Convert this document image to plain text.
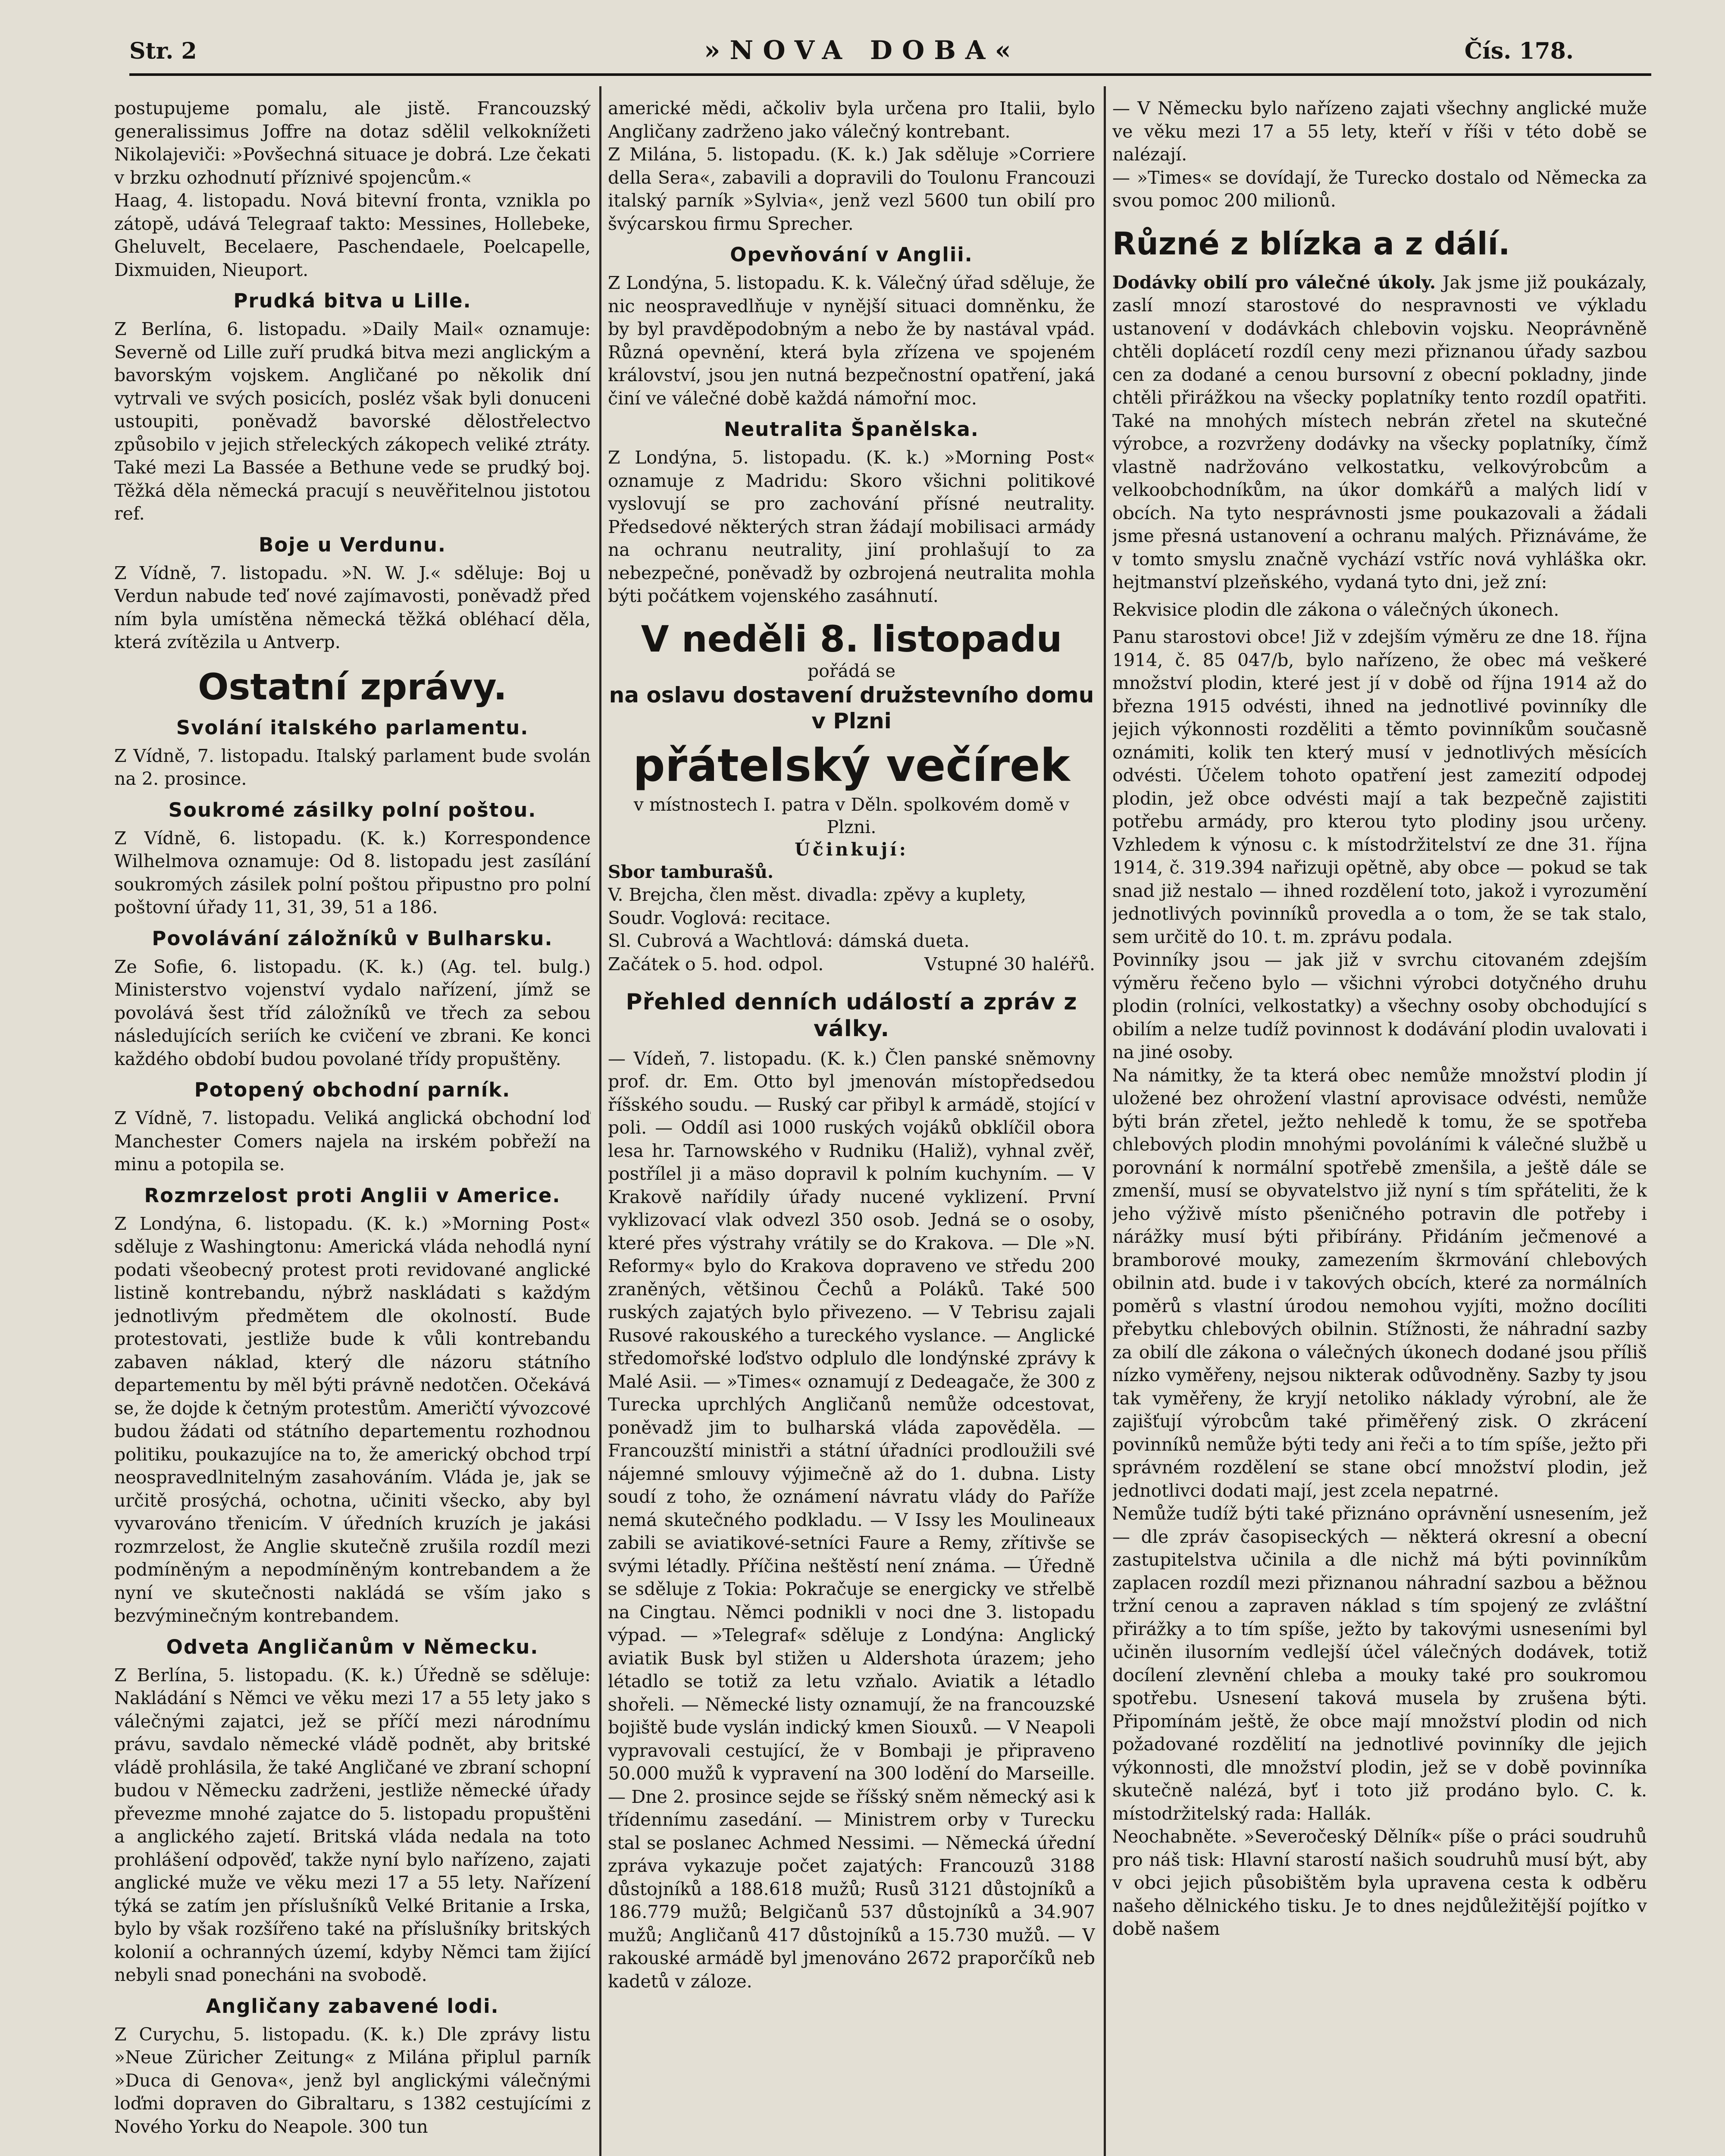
Str. 2	»NOVA DOBA«	Čís. 178.

postupujeme pomalu, ale jistě. Francouzský generalissimus Joffre na dotaz sdělil velkoknížeti Nikolajeviči: »Povšechná situace je dobrá. Lze čekati v brzku ozhodnutí příznivé spojencům.«

Haag, 4. listopadu. Nová bitevní fronta, vznikla po zátopě, udává Telegraaf takto: Messines, Hollebeke, Gheluvelt, Becelaere, Paschendaele, Poelcapelle, Dixmuiden, Nieuport.

Prudká bitva u Lille.

Z Berlína, 6. listopadu. »Daily Mail« oznamuje: Severně od Lille zuří prudká bitva mezi anglickým a bavorským vojskem. Angličané po několik dní vytrvali ve svých posicích, posléz však byli donuceni ustoupiti, poněvadž bavorské dělostřelectvo způsobilo v jejich střeleckých zákopech veliké ztráty. Také mezi La Bassée a Bethune vede se prudký boj. Těžká děla německá pracují s neuvěřitelnou jistotou ref.

Boje u Verdunu.

Z Vídně, 7. listopadu. »N. W. J.« sděluje: Boj u Verdun nabude teď nové zajímavosti, poněvadž před ním byla umístěna německá těžká obléhací děla, která zvítězila u Antverp.

Ostatní zprávy.
Svolání italského parlamentu.

Z Vídně, 7. listopadu. Italský parlament bude svolán na 2. prosince.

Soukromé zásilky polní poštou.

Z Vídně, 6. listopadu. (K. k.) Korrespondence Wilhelmova oznamuje: Od 8. listopadu jest zasílání soukromých zásilek polní poštou připustno pro polní poštovní úřady 11, 31, 39, 51 a 186.

Povolávání záložníků v Bulharsku.

Ze Sofie, 6. listopadu. (K. k.) (Ag. tel. bulg.) Ministerstvo vojenství vydalo nařízení, jímž se povolává šest tříd záložníků ve třech za sebou následujících seriích ke cvičení ve zbrani. Ke konci každého období budou povolané třídy propuštěny.

Potopený obchodní parník.

Z Vídně, 7. listopadu. Veliká anglická obchodní loď Manchester Comers najela na irském pobřeží na minu a potopila se.

Rozmrzelost proti Anglii v Americe.

Z Londýna, 6. listopadu. (K. k.) »Morning Post« sděluje z Washingtonu: Americká vláda nehodlá nyní podati všeobecný protest proti revidované anglické listině kontrebandu, nýbrž naskládati s každým jednotlivým předmětem dle okolností. Bude protestovati, jestliže bude k vůli kontrebandu zabaven náklad, který dle názoru státního departementu by měl býti právně nedotčen. Očekává se, že dojde k četným protestům. Američtí vývozcové budou žádati od státního departementu rozhodnou politiku, poukazujíce na to, že americký obchod trpí neospravedlnitelným zasahováním. Vláda je, jak se určitě prosýchá, ochotna, učiniti všecko, aby byl vyvarováno třenicím. V úředních kruzích je jakási rozmrzelost, že Anglie skutečně zrušila rozdíl mezi podmíněným a nepodmíněným kontrebandem a že nyní ve skutečnosti nakládá se vším jako s bezvýminečným kontrebandem.

Odveta Angličanům v Německu.

Z Berlína, 5. listopadu. (K. k.) Úředně se sděluje: Nakládání s Němci ve věku mezi 17 a 55 lety jako s válečnými zajatci, jež se příčí mezi národnímu právu, savdalo německé vládě podnět, aby britské vládě prohlásila, že také Angličané ve zbraní schopní budou v Německu zadrženi, jestliže německé úřady převezme mnohé zajatce do 5. listopadu propuštěni a anglického zajetí. Britská vláda nedala na toto prohlášení odpověď, takže nyní bylo nařízeno, zajati anglické muže ve věku mezi 17 a 55 lety. Nařízení týká se zatím jen příslušníků Velké Britanie a Irska, bylo by však rozšířeno také na příslušníky britských kolonií a ochranných území, kdyby Němci tam žijící nebyli snad ponecháni na svobodě.

Angličany zabavené lodi.

Z Curychu, 5. listopadu. (K. k.) Dle zprávy listu »Neue Züricher Zeitung« z Milána připlul parník »Duca di Genova«, jenž byl anglickými válečnými loďmi dopraven do Gibraltaru, s 1382 cestujícími z Nového Yorku do Neapole. 300 tun

americké mědi, ačkoliv byla určena pro Italii, bylo Angličany zadrženo jako válečný kontrebant.

Z Milána, 5. listopadu. (K. k.) Jak sděluje »Corriere della Sera«, zabavili a dopravili do Toulonu Francouzi italský parník »Sylvia«, jenž vezl 5600 tun obilí pro švýcarskou firmu Sprecher.

Opevňování v Anglii.

Z Londýna, 5. listopadu. K. k. Válečný úřad sděluje, že nic neospravedlňuje v nynější situaci domněnku, že by byl pravděpodobným a nebo že by nastával vpád. Různá opevnění, která byla zřízena ve spojeném království, jsou jen nutná bezpečnostní opatření, jaká činí ve válečné době každá námořní moc.

Neutralita Španělska.

Z Londýna, 5. listopadu. (K. k.) »Morning Post« oznamuje z Madridu: Skoro všichni politikové vyslovují se pro zachování přísné neutrality. Předsedové některých stran žádají mobilisaci armády na ochranu neutrality, jiní prohlašují to za nebezpečné, poněvadž by ozbrojená neutralita mohla býti počátkem vojenského zasáhnutí.

V neděli 8. listopadu

pořádá se

na oslavu dostavení družstevního domu v Plzni
přátelský večírek

v místnostech I. patra v Děln. spolkovém domě v Plzni.

Účinkují:

Sbor tamburašů.

V. Brejcha, člen měst. divadla: zpěvy a kuplety,

Soudr. Voglová: recitace.

Sl. Cubrová a Wachtlová: dámská dueta.

Začátek o 5. hod. odpol.	Vstupné 30 haléřů.
Přehled denních událostí a zpráv z války.

— Vídeň, 7. listopadu. (K. k.) Člen panské sněmovny prof. dr. Em. Otto byl jmenován místopředsedou říšského soudu. — Ruský car přibyl k armádě, stojící v poli. — Oddíl asi 1000 ruských vojáků obklíčil obora lesa hr. Tarnowského v Rudniku (Haliž), vyhnal zvěř, postřílel ji a mäso dopravil k polním kuchyním. — V Krakově nařídily úřady nucené vyklizení. První vyklizovací vlak odvezl 350 osob. Jedná se o osoby, které přes výstrahy vrátily se do Krakova. — Dle »N. Reformy« bylo do Krakova dopraveno ve středu 200 zraněných, většinou Čechů a Poláků. Také 500 ruských zajatých bylo přivezeno. — V Tebrisu zajali Rusové rakouského a tureckého vyslance. — Anglické středomořské loďstvo odplulo dle londýnské zprávy k Malé Asii. — »Times« oznamují z Dedeagače, že 300 z Turecka uprchlých Angličanů nemůže odcestovat, poněvadž jim to bulharská vláda zapověděla. — Francouzští ministři a státní úřadníci prodloužili své nájemné smlouvy výjimečně až do 1. dubna. Listy soudí z toho, že oznámení návratu vlády do Paříže nemá skutečného podkladu. — V Issy les Moulineaux zabili se aviatikové-setníci Faure a Remy, zřítivše se svými létadly. Příčina neštěstí není známa. — Úředně se sděluje z Tokia: Pokračuje se energicky ve střelbě na Cingtau. Němci podnikli v noci dne 3. listopadu výpad. — »Telegraf« sděluje z Londýna: Anglický aviatik Busk byl stižen u Aldershota úrazem; jeho létadlo se totiž za letu vzňalo. Aviatik a létadlo shořeli. — Německé listy oznamují, že na francouzské bojiště bude vyslán indický kmen Siouxů. — V Neapoli vypravovali cestující, že v Bombaji je připraveno 50.000 mužů k vypravení na 300 lodění do Marseille. — Dne 2. prosince sejde se říšský sněm německý asi k třídennímu zasedání. — Ministrem orby v Turecku stal se poslanec Achmed Nessimi. — Německá úřední zpráva vykazuje počet zajatých: Francouzů 3188 důstojníků a 188.618 mužů; Rusů 3121 důstojníků a 186.779 mužů; Belgičanů 537 důstojníků a 34.907 mužů; Angličanů 417 důstojníků a 15.730 mužů. — V rakouské armádě byl jmenováno 2672 praporčíků neb kadetů v záloze.

— V Německu bylo nařízeno zajati všechny anglické muže ve věku mezi 17 a 55 lety, kteří v říši v této době se nalézají.

— »Times« se dovídají, že Turecko dostalo od Německa za svou pomoc 200 milionů.

Různé z blízka a z dálí.

Dodávky obilí pro válečné úkoly. Jak jsme již poukázaly, zaslí mnozí starostové do nespravnosti ve výkladu ustanovení v dodávkách chlebovin vojsku. Neoprávněně chtěli doplácetí rozdíl ceny mezi přiznanou úřady sazbou cen za dodané a cenou bursovní z obecní pokladny, jinde chtěli přirážkou na všecky poplatníky tento rozdíl opatřiti. Také na mnohých místech nebrán zřetel na skutečné výrobce, a rozvrženy dodávky na všecky poplatníky, čímž vlastně nadržováno velkostatku, velkovýrobcům a velkoobchodníkům, na úkor domkářů a malých lidí v obcích. Na tyto nesprávnosti jsme poukazovali a žádali jsme přesná ustanovení a ochranu malých. Přiznáváme, že v tomto smyslu značně vychází vstříc nová vyhláška okr. hejtmanství plzeňského, vydaná tyto dni, jež zní:

Rekvisice plodin dle zákona o válečných úkonech.

Panu starostovi obce! Již v zdejším výměru ze dne 18. října 1914, č. 85 047/b, bylo nařízeno, že obec má veškeré množství plodin, které jest jí v době od října 1914 až do března 1915 odvésti, ihned na jednotlivé povinníky dle jejich výkonnosti rozděliti a těmto povinníkům současně oznámiti, kolik ten který musí v jednotlivých měsících odvésti. Účelem tohoto opatření jest zamezití odpodej plodin, jež obce odvésti mají a tak bezpečně zajistiti potřebu armády, pro kterou tyto plodiny jsou určeny. Vzhledem k výnosu c. k místodržitelství ze dne 31. října 1914, č. 319.394 nařizuji opětně, aby obce — pokud se tak snad již nestalo — ihned rozdělení toto, jakož i vyrozumění jednotlivých povinníků provedla a o tom, že se tak stalo, sem určitě do 10. t. m. zprávu podala.

Povinníky jsou — jak již v svrchu citovaném zdejším výměru řečeno bylo — všichni výrobci dotyčného druhu plodin (rolníci, velkostatky) a všechny osoby obchodující s obilím a nelze tudíž povinnost k dodávání plodin uvalovati i na jiné osoby.

Na námitky, že ta která obec nemůže množství plodin jí uložené bez ohrožení vlastní aprovisace odvésti, nemůže býti brán zřetel, ježto nehledě k tomu, že se spotřeba chlebových plodin mnohými povoláními k válečné službě u porovnání k normální spotřebě zmenšila, a ještě dále se zmenší, musí se obyvatelstvo již nyní s tím spřáteliti, že k jeho výživě místo pšeničného potravin dle potřeby i nárážky musí býti přibírány. Přidáním ječmenové a bramborové mouky, zamezením škrmování chlebových obilnin atd. bude i v takových obcích, které za normálních poměrů s vlastní úrodou nemohou vyjíti, možno docíliti přebytku chlebových obilnin. Stížnosti, že náhradní sazby za obilí dle zákona o válečných úkonech dodané jsou příliš nízko vyměřeny, nejsou nikterak odůvodněny. Sazby ty jsou tak vyměřeny, že kryjí netoliko náklady výrobní, ale že zajišťují výrobcům také přiměřený zisk. O zkrácení povinníků nemůže býti tedy ani řeči a to tím spíše, ježto při správném rozdělení se stane obcí množství plodin, jež jednotlivci dodati mají, jest zcela nepatrné.

Nemůže tudíž býti také přiznáno oprávnění usnesením, jež — dle zpráv časopiseckých — některá okresní a obecní zastupitelstva učinila a dle nichž má býti povinníkům zaplacen rozdíl mezi přiznanou náhradní sazbou a běžnou tržní cenou a zapraven náklad s tím spojený ze zvláštní přirážky a to tím spíše, ježto by takovými usneseními byl učiněn ilusorním vedlejší účel válečných dodávek, totiž docílení zlevnění chleba a mouky také pro soukromou spotřebu. Usnesení taková musela by zrušena býti. Připomínám ještě, že obce mají množství plodin od nich požadované rozdělití na jednotlivé povinníky dle jejich výkonnosti, dle množství plodin, jež se v době povinníka skutečně nalézá, byť i toto již prodáno bylo. C. k. místodržitelský rada: Hallák.

Neochabněte. »Severočeský Dělník« píše o práci soudruhů pro náš tisk: Hlavní starostí našich soudruhů musí být, aby v obci jejich působištěm byla upravena cesta k odběru našeho dělnického tisku. Je to dnes nejdůležitější pojítko v době našem
